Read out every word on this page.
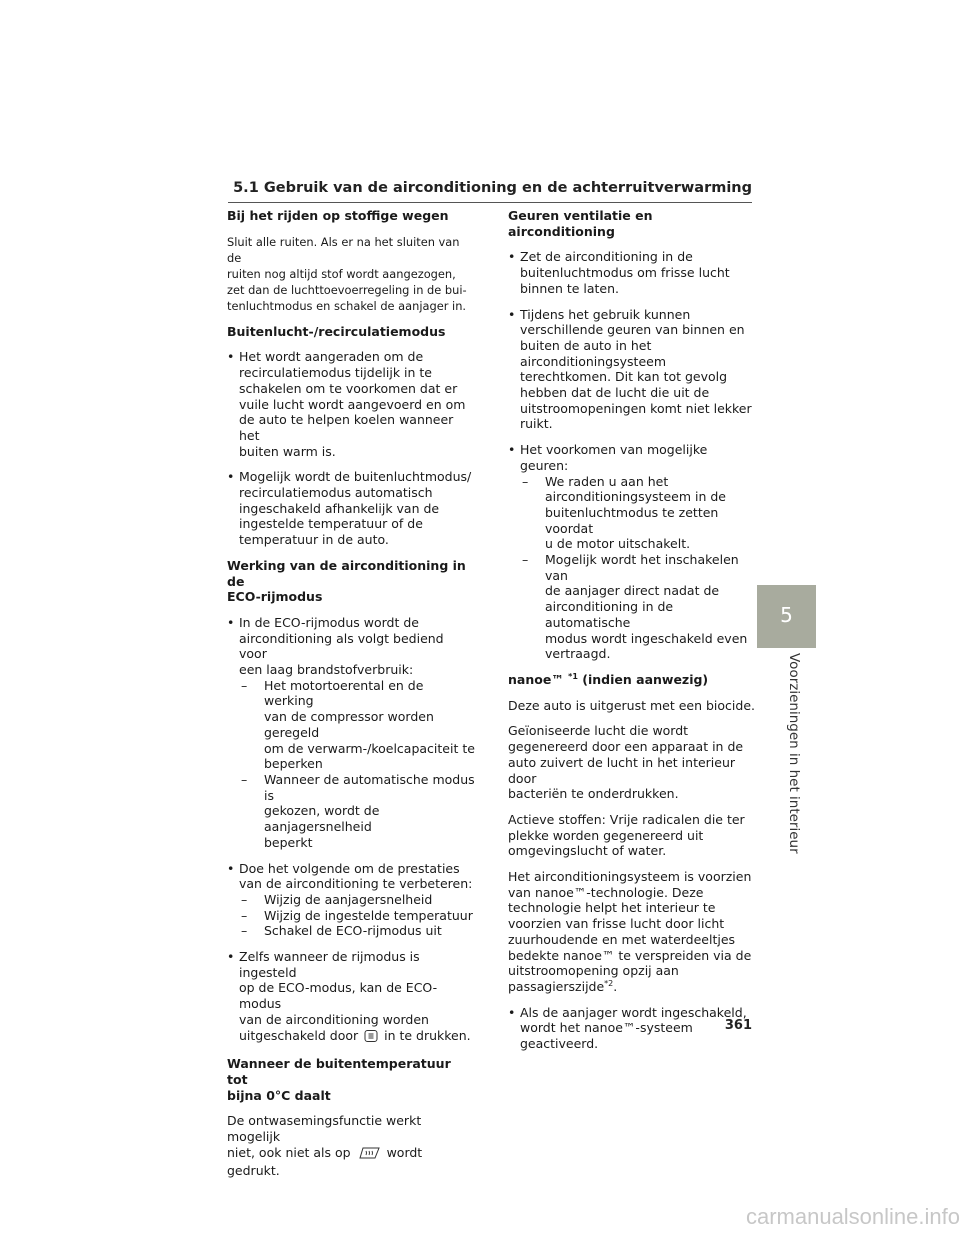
5.1 Gebruik van de airconditioning en de achterruitverwarming
Bij het rijden op stoffige wegen
Sluit alle ruiten. Als er na het sluiten van de
ruiten nog altijd stof wordt aangezogen,
zet dan de luchttoevoerregeling in de bui-
tenluchtmodus en schakel de aanjager in.
Buitenlucht-/recirculatiemodus
• Het wordt aangeraden om de
recirculatiemodus tijdelijk in te
schakelen om te voorkomen dat er
vuile lucht wordt aangevoerd en om
de auto te helpen koelen wanneer het
buiten warm is.
• Mogelijk wordt de buitenluchtmodus/
recirculatiemodus automatisch
ingeschakeld afhankelijk van de
ingestelde temperatuur of de
temperatuur in de auto.
Werking van de airconditioning in de
ECO-rijmodus
• In de ECO-rijmodus wordt de
airconditioning als volgt bediend voor
een laag brandstofverbruik:
– Het motortoerental en de werking
van de compressor worden geregeld
om de verwarm-/koelcapaciteit te
beperken
– Wanneer de automatische modus is
gekozen, wordt de aanjagersnelheid
beperkt
• Doe het volgende om de prestaties
van de airconditioning te verbeteren:
– Wijzig de aanjagersnelheid
– Wijzig de ingestelde temperatuur
– Schakel de ECO-rijmodus uit
• Zelfs wanneer de rijmodus is ingesteld
op de ECO-modus, kan de ECO-modus
van de airconditioning worden
uitgeschakeld door in te drukken.
Wanneer de buitentemperatuur tot
bijna 0°C daalt
De ontwasemingsfunctie werkt mogelijk
niet, ook niet als op	wordt gedrukt.
Geuren ventilatie en airconditioning
• Zet de airconditioning in de
buitenluchtmodus om frisse lucht
binnen te laten.
• Tijdens het gebruik kunnen
verschillende geuren van binnen en
buiten de auto in het
airconditioningsysteem
terechtkomen. Dit kan tot gevolg
hebben dat de lucht die uit de
uitstroomopeningen komt niet lekker
ruikt.
• Het voorkomen van mogelijke geuren:
– We raden u aan het
airconditioningsysteem in de
buitenluchtmodus te zetten voordat
u de motor uitschakelt.
– Mogelijk wordt het inschakelen van
de aanjager direct nadat de
airconditioning in de automatische
modus wordt ingeschakeld even
vertraagd.
nanoe™ $^{*1}$ (indien aanwezig)
Deze auto is uitgerust met een biocide.
Geïoniseerde lucht die wordt
gegenereerd door een apparaat in de
auto zuivert de lucht in het interieur door
bacteriën te onderdrukken.
Actieve stoffen: Vrije radicalen die ter
plekke worden gegenereerd uit
omgevingslucht of water.
Het airconditioningsysteem is voorzien
van nanoe™-technologie. Deze
technologie helpt het interieur te
voorzien van frisse lucht door licht
zuurhoudende en met waterdeeltjes
bedekte nanoe™ te verspreiden via de
uitstroomopening opzij aan
passagierszijde$^{*2}$.
• Als de aanjager wordt ingeschakeld,
wordt het nanoe™-systeem
geactiveerd.
5
Voorzieningen in het interieur
361
carmanualsonline.info
